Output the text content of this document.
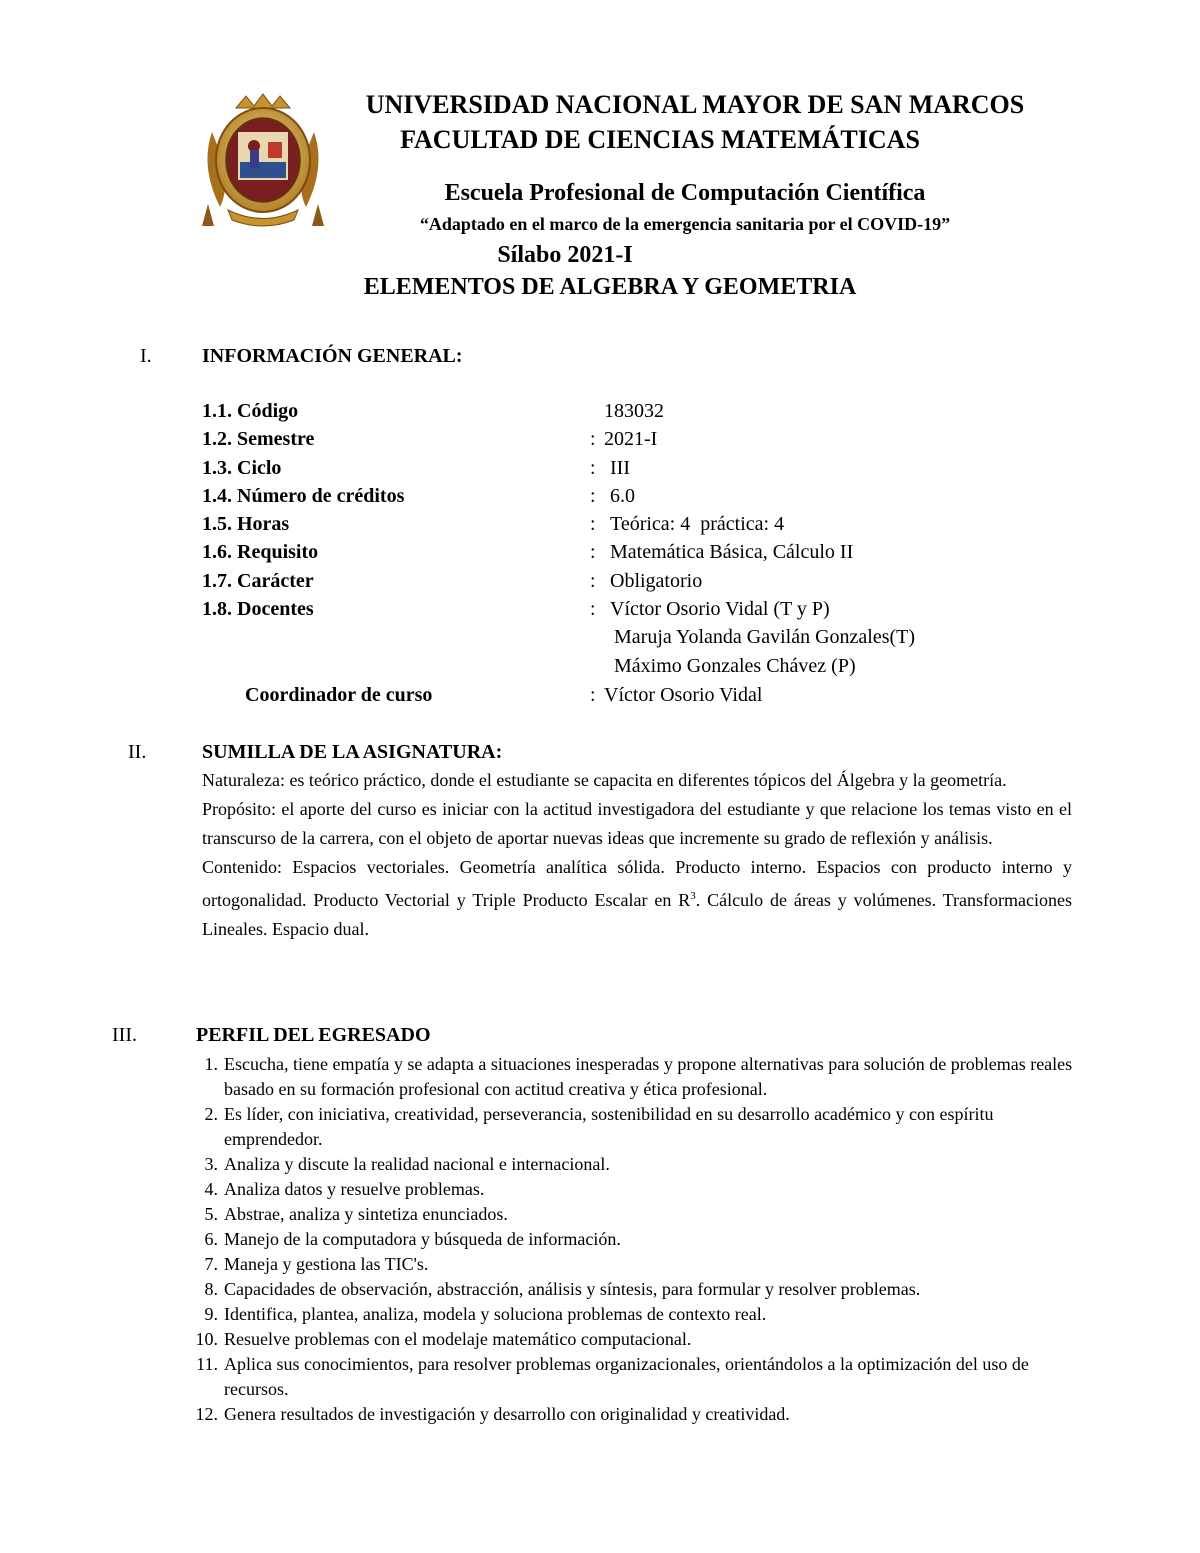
UNIVERSIDAD NACIONAL MAYOR DE SAN MARCOS
FACULTAD DE CIENCIAS MATEMÁTICAS
Escuela Profesional de Computación Científica
“Adaptado en el marco de la emergencia sanitaria por el COVID-19”
Sílabo 2021-I
ELEMENTOS DE ALGEBRA Y GEOMETRIA
I.	INFORMACIÓN GENERAL:
1.1. Código	183032
1.2. Semestre	: 2021-I
1.3. Ciclo	: III
1.4. Número de créditos	: 6.0
1.5. Horas	: Teórica: 4  práctica: 4
1.6. Requisito	: Matemática Básica, Cálculo II
1.7. Carácter	: Obligatorio
1.8. Docentes	: Víctor Osorio Vidal (T y P)
Maruja Yolanda Gavilán Gonzales(T)
Máximo Gonzales Chávez (P)
Coordinador de curso	: Víctor Osorio Vidal
II.	SUMILLA DE LA ASIGNATURA:

Naturaleza: es teórico práctico, donde el estudiante se capacita en diferentes tópicos del Álgebra y la geometría.

Propósito: el aporte del curso es iniciar con la actitud investigadora del estudiante y que relacione los temas visto en el transcurso de la carrera, con el objeto de aportar nuevas ideas que incremente su grado de reflexión y análisis.

Contenido: Espacios vectoriales. Geometría analítica sólida. Producto interno. Espacios con producto interno y ortogonalidad. Producto Vectorial y Triple Producto Escalar en $R^3$. Cálculo de áreas y volúmenes. Transformaciones Lineales. Espacio dual.

III.	PERFIL DEL EGRESADO
1. Escucha, tiene empatía y se adapta a situaciones inesperadas y propone alternativas para solución de problemas reales basado en su formación profesional con actitud creativa y ética profesional.
2. Es líder, con iniciativa, creatividad, perseverancia, sostenibilidad en su desarrollo académico y con espíritu emprendedor.
3. Analiza y discute la realidad nacional e internacional.
4. Analiza datos y resuelve problemas.
5. Abstrae, analiza y sintetiza enunciados.
6. Manejo de la computadora y búsqueda de información.
7. Maneja y gestiona las TIC's.
8. Capacidades de observación, abstracción, análisis y síntesis, para formular y resolver problemas.
9. Identifica, plantea, analiza, modela y soluciona problemas de contexto real.
10. Resuelve problemas con el modelaje matemático computacional.
11. Aplica sus conocimientos, para resolver problemas organizacionales, orientándolos a la optimización del uso de recursos.
12. Genera resultados de investigación y desarrollo con originalidad y creatividad.
